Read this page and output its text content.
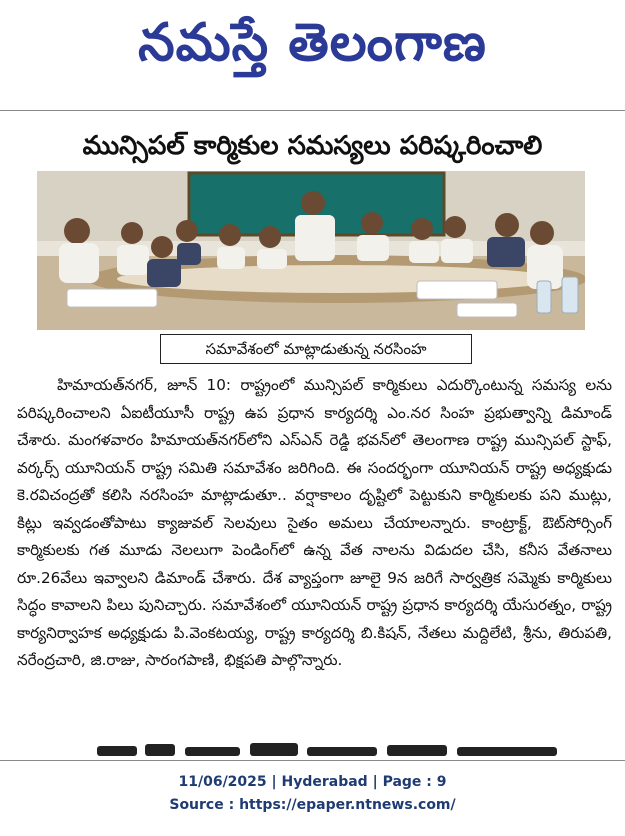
నమస్తే తెలంగాణ
మున్సిపల్ కార్మికుల సమస్యలు పరిష్కరించాలి
సమావేశంలో మాట్లాడుతున్న నరసింహ

హిమాయత్‌నగర్, జూన్ 10: రాష్ట్రంలో మున్సిపల్ కార్మికులు ఎదుర్కొంటున్న సమస్య లను పరిష్కరించాలని ఏఐటీయూసీ రాష్ట్ర ఉప ప్రధాన కార్యదర్శి ఎం.నర సింహ ప్రభుత్వాన్ని డిమాండ్ చేశారు. మంగళవారం హిమాయత్‌నగర్‌లోని ఎస్‌ఎన్ రెడ్డి భవన్‌లో తెలంగాణ రాష్ట్ర మున్సిపల్ స్టాఫ్, వర్కర్స్ యూనియన్ రాష్ట్ర సమితి సమావేశం జరిగింది. ఈ సందర్భంగా యూనియన్ రాష్ట్ర అధ్యక్షుడు కె.రవిచంద్రతో కలిసి నరసింహ మాట్లాడుతూ.. వర్షాకాలం దృష్టిలో పెట్టుకుని కార్మికులకు పని ముట్లు, కిట్లు ఇవ్వడంతోపాటు క్యాజువల్ సెలవులు సైతం అమలు చేయాలన్నారు. కాంట్రాక్ట్, ఔట్‌సోర్సింగ్ కార్మికులకు గత మూడు నెలలుగా పెండింగ్‌లో ఉన్న వేత నాలను విడుదల చేసి, కనీస వేతనాలు రూ.26వేలు ఇవ్వాలని డిమాండ్ చేశారు. దేశ వ్యాప్తంగా జూలై 9న జరిగే సార్వత్రిక సమ్మెకు కార్మికులు సిద్ధం కావాలని పిలు పునిచ్చారు. సమావేశంలో యూనియన్ రాష్ట్ర ప్రధాన కార్యదర్శి యేసురత్నం, రాష్ట్ర కార్యనిర్వాహక అధ్యక్షుడు పి.వెంకటయ్య, రాష్ట్ర కార్యదర్శి బి.కిషన్, నేతలు మద్దిలేటి, శ్రీను, తిరుపతి, నరేంద్రచారి, జి.రాజు, సారంగపాణి, భిక్షపతి పాల్గొన్నారు.

11/06/2025 | Hyderabad | Page : 9
Source : https://epaper.ntnews.com/
